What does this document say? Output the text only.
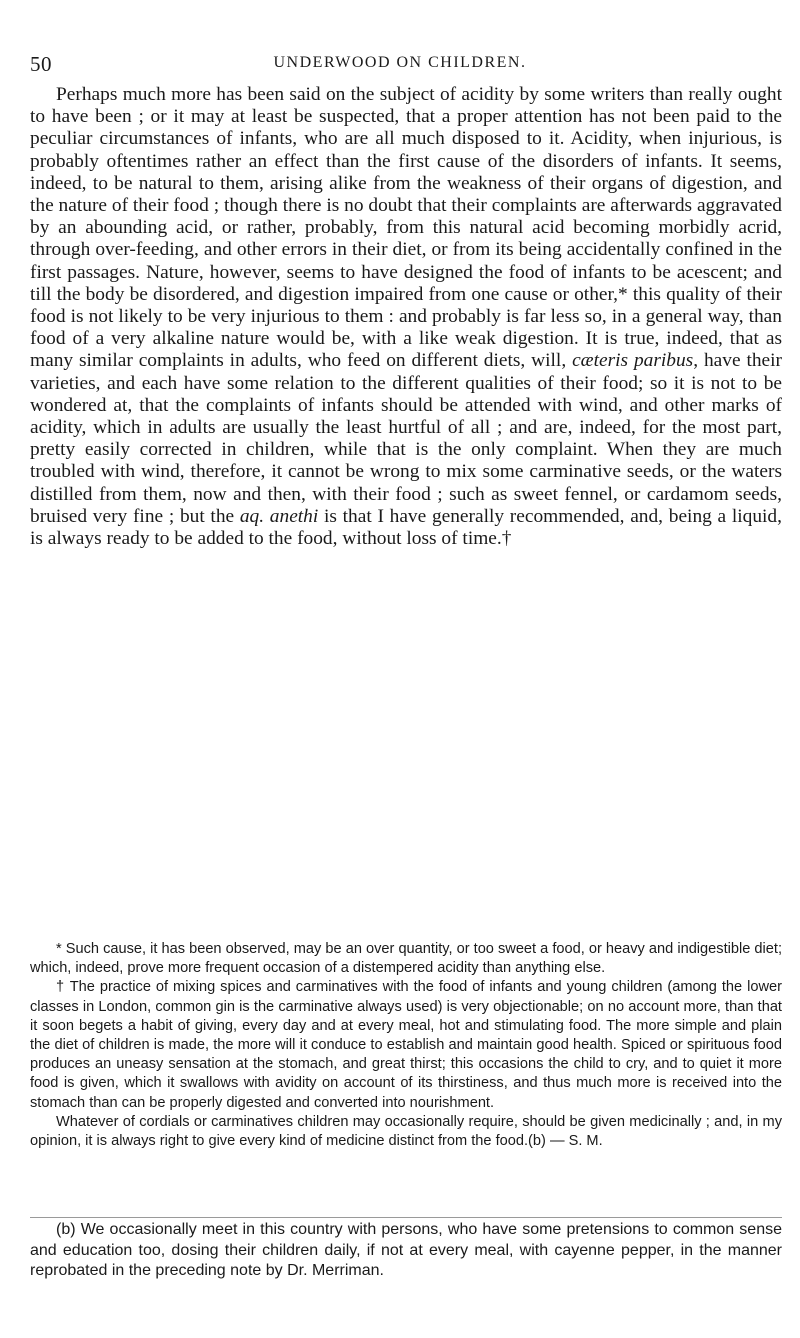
50	UNDERWOOD ON CHILDREN.

Perhaps much more has been said on the subject of acidity by some writers than really ought to have been ; or it may at least be suspected, that a proper attention has not been paid to the peculiar circumstances of infants, who are all much disposed to it. Acidity, when injurious, is probably oftentimes rather an effect than the first cause of the disorders of infants. It seems, indeed, to be natural to them, arising alike from the weakness of their organs of digestion, and the nature of their food ; though there is no doubt that their complaints are afterwards aggravated by an abounding acid, or rather, probably, from this natural acid becoming morbidly acrid, through over-feeding, and other errors in their diet, or from its being accidentally confined in the first passages. Nature, however, seems to have designed the food of infants to be acescent; and till the body be disordered, and digestion impaired from one cause or other,* this quality of their food is not likely to be very injurious to them : and probably is far less so, in a general way, than food of a very alkaline nature would be, with a like weak digestion. It is true, indeed, that as many similar complaints in adults, who feed on different diets, will, cæteris paribus, have their varieties, and each have some relation to the different qualities of their food; so it is not to be wondered at, that the complaints of infants should be attended with wind, and other marks of acidity, which in adults are usually the least hurtful of all ; and are, indeed, for the most part, pretty easily corrected in children, while that is the only complaint. When they are much troubled with wind, therefore, it cannot be wrong to mix some carminative seeds, or the waters distilled from them, now and then, with their food ; such as sweet fennel, or cardamom seeds, bruised very fine ; but the aq. anethi is that I have generally recommended, and, being a liquid, is always ready to be added to the food, without loss of time.†

* Such cause, it has been observed, may be an over quantity, or too sweet a food, or heavy and indigestible diet; which, indeed, prove more frequent occasion of a distempered acidity than anything else.

† The practice of mixing spices and carminatives with the food of infants and young children (among the lower classes in London, common gin is the carminative always used) is very objectionable; on no account more, than that it soon begets a habit of giving, every day and at every meal, hot and stimulating food. The more simple and plain the diet of children is made, the more will it conduce to establish and maintain good health. Spiced or spirituous food produces an uneasy sensation at the stomach, and great thirst; this occasions the child to cry, and to quiet it more food is given, which it swallows with avidity on account of its thirstiness, and thus much more is received into the stomach than can be properly digested and converted into nourishment.

Whatever of cordials or carminatives children may occasionally require, should be given medicinally ; and, in my opinion, it is always right to give every kind of medicine distinct from the food.(b) — S. M.

(b) We occasionally meet in this country with persons, who have some pretensions to common sense and education too, dosing their children daily, if not at every meal, with cayenne pepper, in the manner reprobated in the preceding note by Dr. Merriman.
